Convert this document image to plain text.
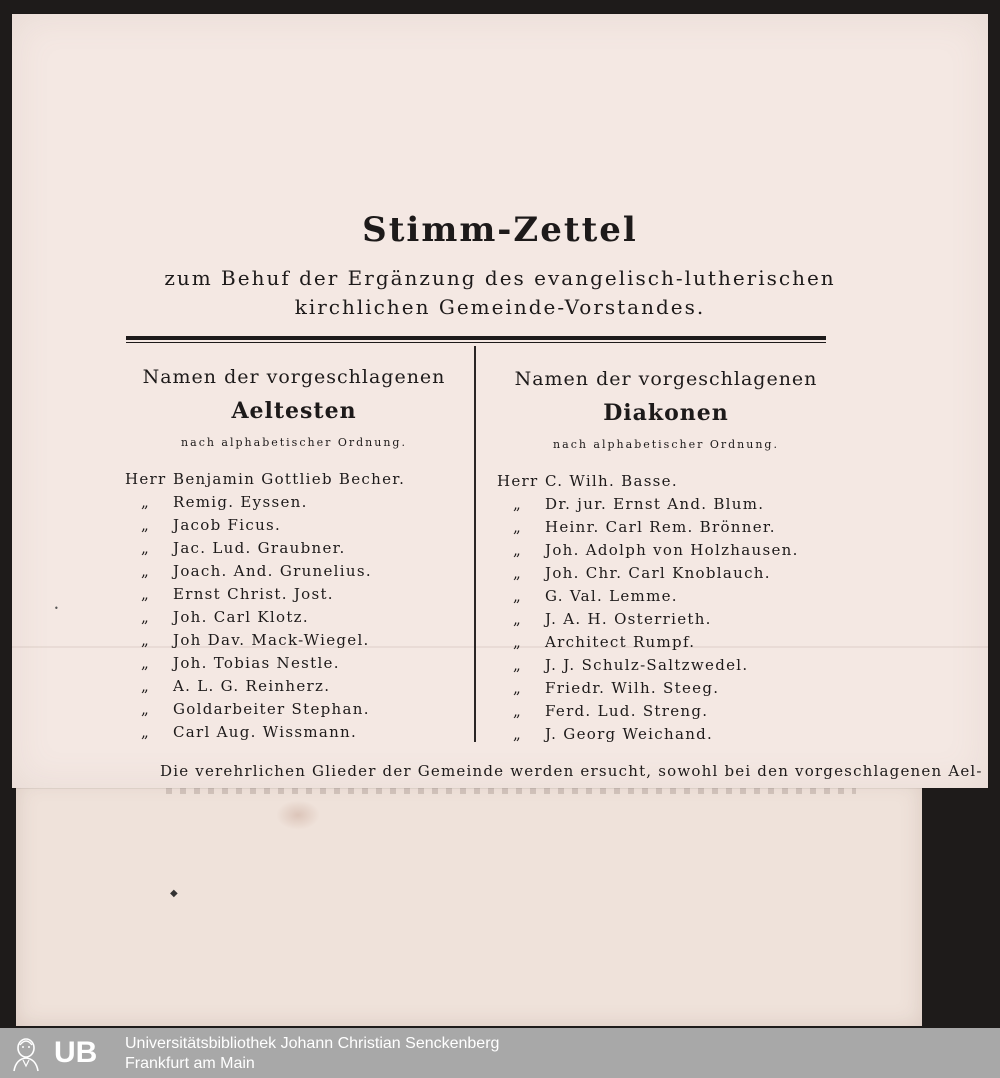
◆
Stimm-Zettel
zum Behuf der Ergänzung des evangelisch-lutherischen
kirchlichen Gemeinde-Vorstandes.
Namen der vorgeschlagenen
Aeltesten
nach alphabetischer Ordnung.
Herr Benjamin Gottlieb Becher.
„	Remig. Eyssen.
„	Jacob Ficus.
„	Jac. Lud. Graubner.
„	Joach. And. Grunelius.
„	Ernst Christ. Jost.
„	Joh. Carl Klotz.
„	Joh Dav. Mack-Wiegel.
„	Joh. Tobias Nestle.
„	A. L. G. Reinherz.
„	Goldarbeiter Stephan.
„	Carl Aug. Wissmann.
Namen der vorgeschlagenen
Diakonen
nach alphabetischer Ordnung.
Herr C. Wilh. Basse.
„	Dr. jur. Ernst And. Blum.
„	Heinr. Carl Rem. Brönner.
„	Joh. Adolph von Holzhausen.
„	Joh. Chr. Carl Knoblauch.
„	G. Val. Lemme.
„	J. A. H. Osterrieth.
„	Architect Rumpf.
„	J. J. Schulz-Saltzwedel.
„	Friedr. Wilh. Steeg.
„	Ferd. Lud. Streng.
„	J. Georg Weichand.
•
Die verehrlichen Glieder der Gemeinde werden ersucht, sowohl bei den vorgeschlagenen Ael-
UB Universitätsbibliothek Johann Christian Senckenberg
Frankfurt am Main
